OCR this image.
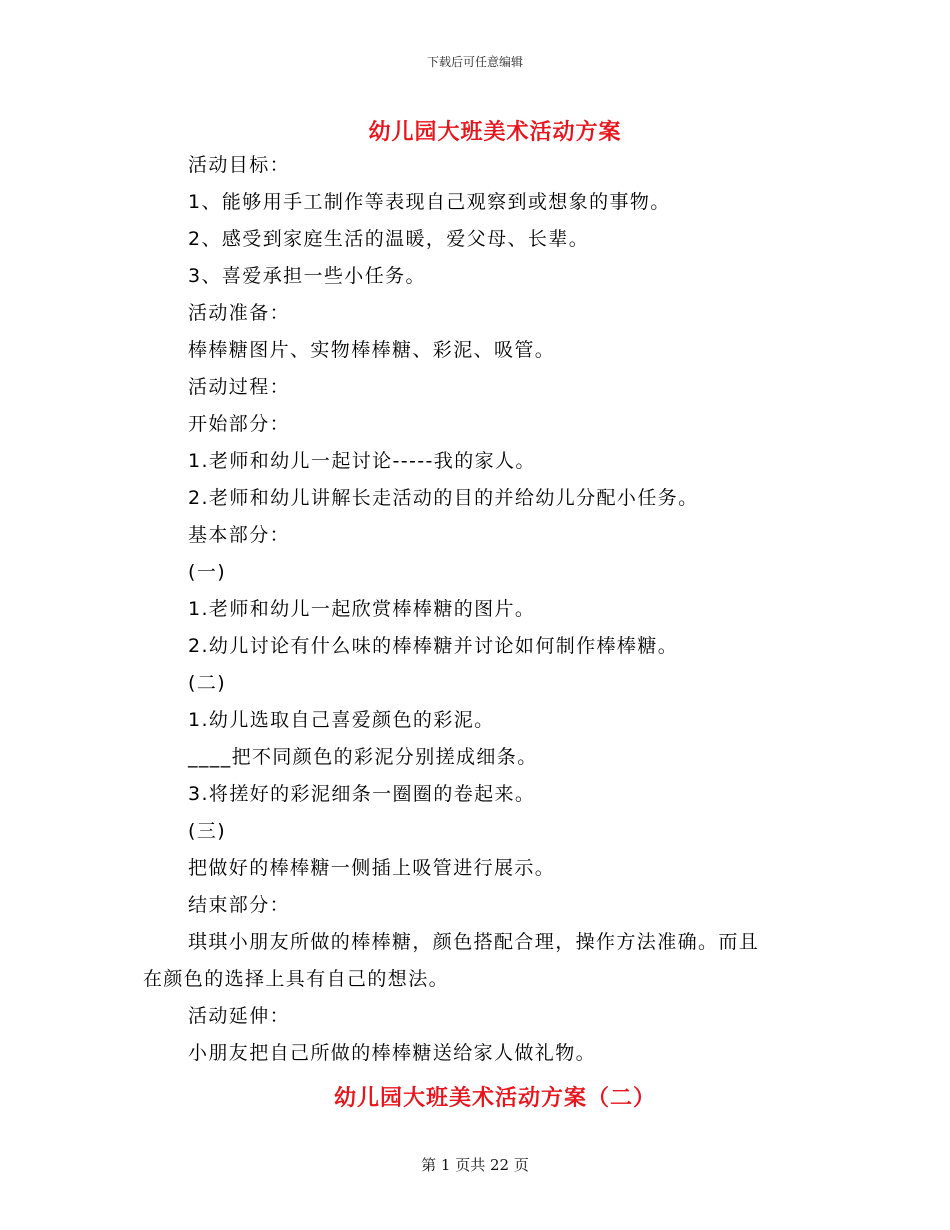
下载后可任意编辑
幼儿园大班美术活动方案
活动目标：
1、能够用手工制作等表现自己观察到或想象的事物。
2、感受到家庭生活的温暖，爱父母、长辈。
3、喜爱承担一些小任务。
活动准备：
棒棒糖图片、实物棒棒糖、彩泥、吸管。
活动过程：
开始部分：
1.老师和幼儿一起讨论-----我的家人。
2.老师和幼儿讲解长走活动的目的并给幼儿分配小任务。
基本部分：
(一)
1.老师和幼儿一起欣赏棒棒糖的图片。
2.幼儿讨论有什么味的棒棒糖并讨论如何制作棒棒糖。
(二)
1.幼儿选取自己喜爱颜色的彩泥。
____把不同颜色的彩泥分别搓成细条。
3.将搓好的彩泥细条一圈圈的卷起来。
(三)
把做好的棒棒糖一侧插上吸管进行展示。
结束部分：
琪琪小朋友所做的棒棒糖，颜色搭配合理，操作方法准确。而且
在颜色的选择上具有自己的想法。
活动延伸：
小朋友把自己所做的棒棒糖送给家人做礼物。
幼儿园大班美术活动方案（二）
第 1 页共 22 页
